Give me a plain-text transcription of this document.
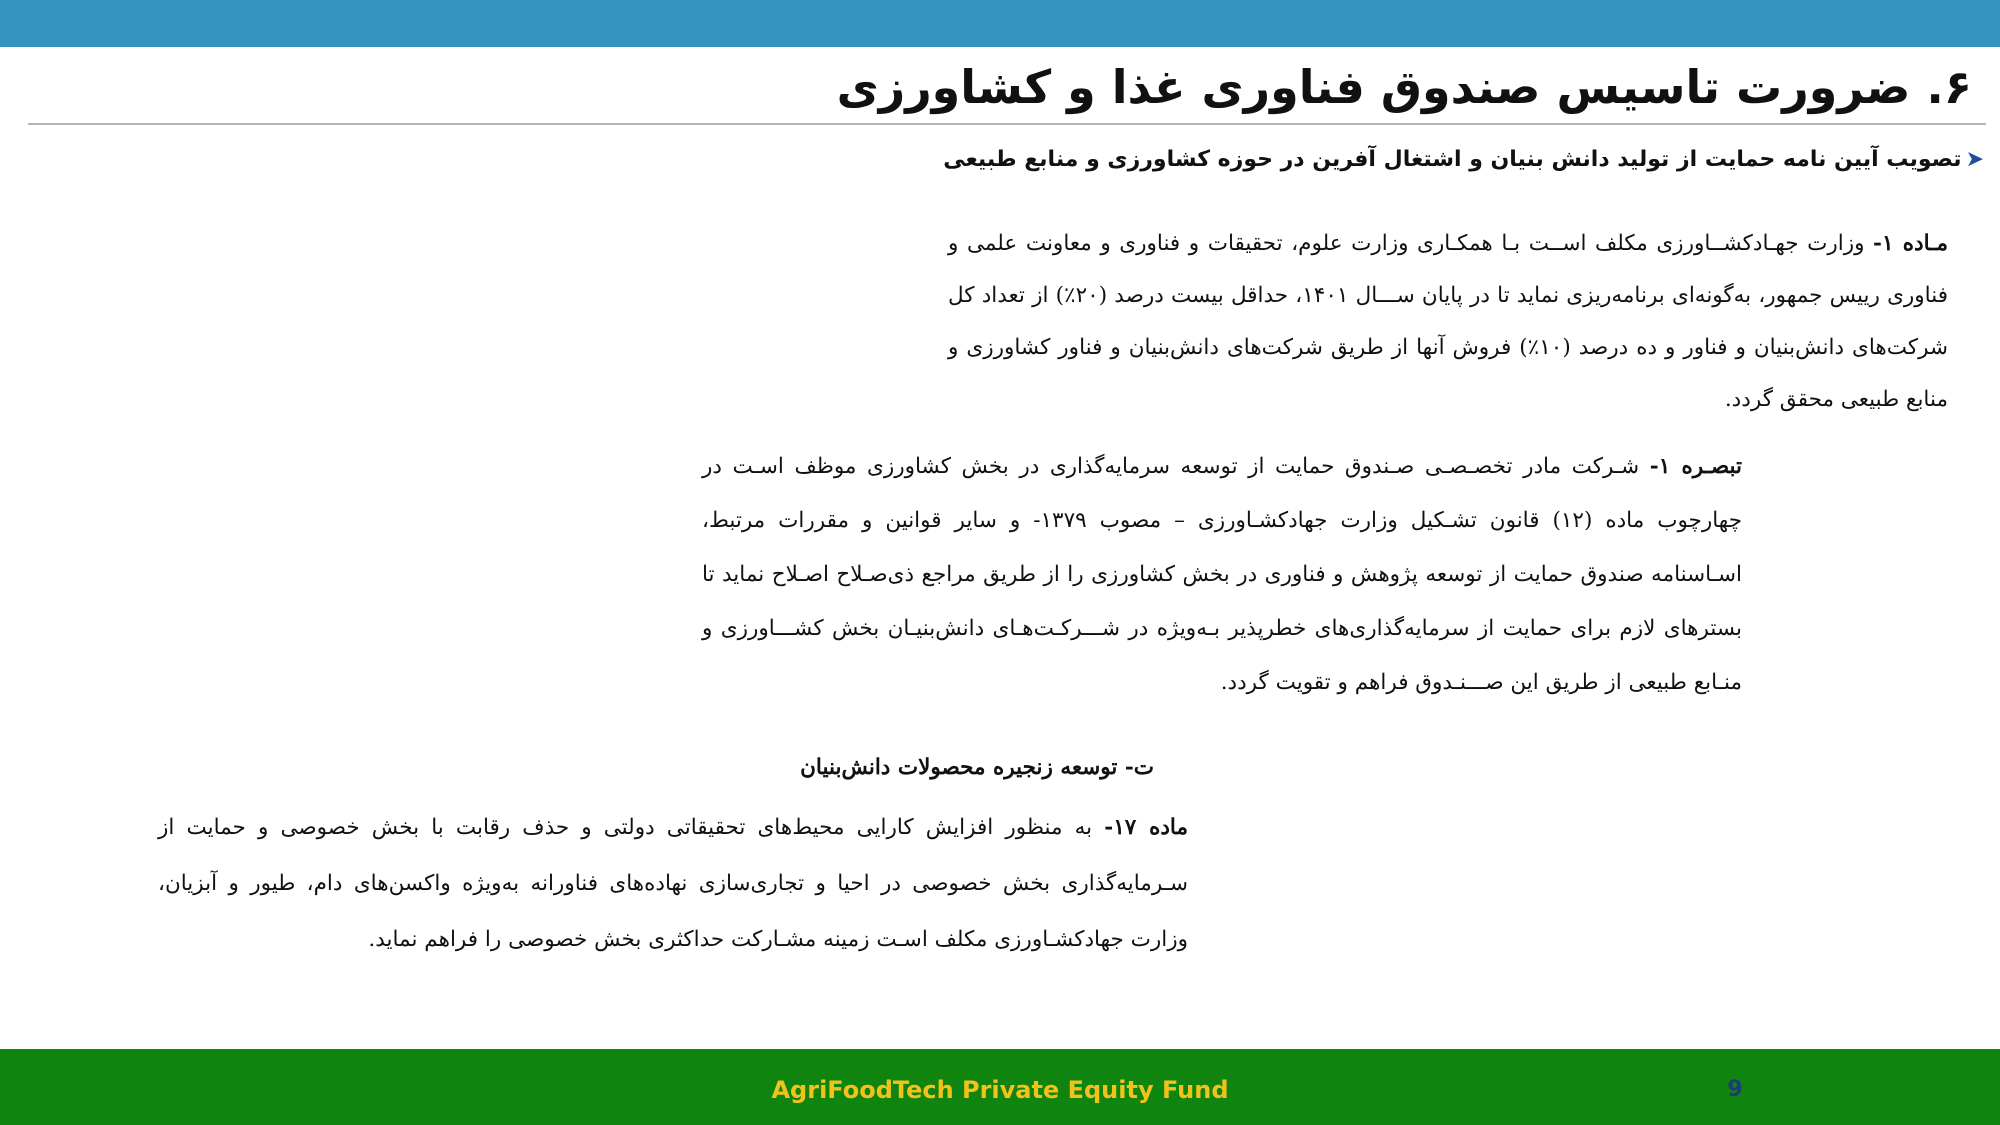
۶. ضرورت تاسیس صندوق فناوری غذا و کشاورزی
➤تصویب آیین نامه حمایت از تولید دانش بنیان و اشتغال آفرین در حوزه کشاورزی و منابع طبیعی
مـاده ۱- وزارت جهـادکشــاورزی مکلف اســت بـا همکـاری وزارت علوم، تحقیقات و فناوری و معاونت علمی و فناوری رییس جمهور، به‌گونه‌ای برنامه‌ریزی نماید تا در پایان ســـال ۱۴۰۱، حداقل بیست درصد (۲۰٪) از تعداد کل شرکت‌های دانش‌بنیان و فناور و ده درصد (۱۰٪) فروش آنها از طریق شرکت‌های دانش‌بنیان و فناور کشاورزی و منابع طبیعی محقق گردد.
تبصـره ۱- شـرکت مادر تخصـصـی صـندوق حمایت از توسعه سرمایه‌گذاری در بخش کشاورزی موظف اسـت در چهارچوب ماده (۱۲) قانون تشـکیل وزارت جهادکشـاورزی – مصوب ۱۳۷۹- و سایر قوانین و مقررات مرتبط، اسـاسنامه صندوق حمایت از توسعه پژوهش و فناوری در بخش کشاورزی را از طریق مراجع ذی‌صـلاح اصـلاح نماید تا بسترهای لازم برای حمایت از سرمایه‌گذاری‌های خطرپذیر بـه‌ویژه در شـــرکـت‌هـای دانش‌بنیـان بخش کشـــاورزی و منـابع طبیعی از طریق این صـــنـدوق فراهم و تقویت گردد.
ت- توسعه زنجیره محصولات دانش‌بنیان
ماده ۱۷- به منظور افزایش کارایی محیط‌های تحقیقاتی دولتی و حذف رقابت با بخش خصوصی و حمایت از سـرمایه‌گذاری بخش خصوصی در احیا و تجاری‌سازی نهاده‌های فناورانه به‌ویژه واکسن‌های دام، طیور و آبزیان، وزارت جهادکشـاورزی مکلف اسـت زمینه مشـارکت حداکثری بخش خصوصی را فراهم نماید.
AgriFoodTech Private Equity Fund	9
